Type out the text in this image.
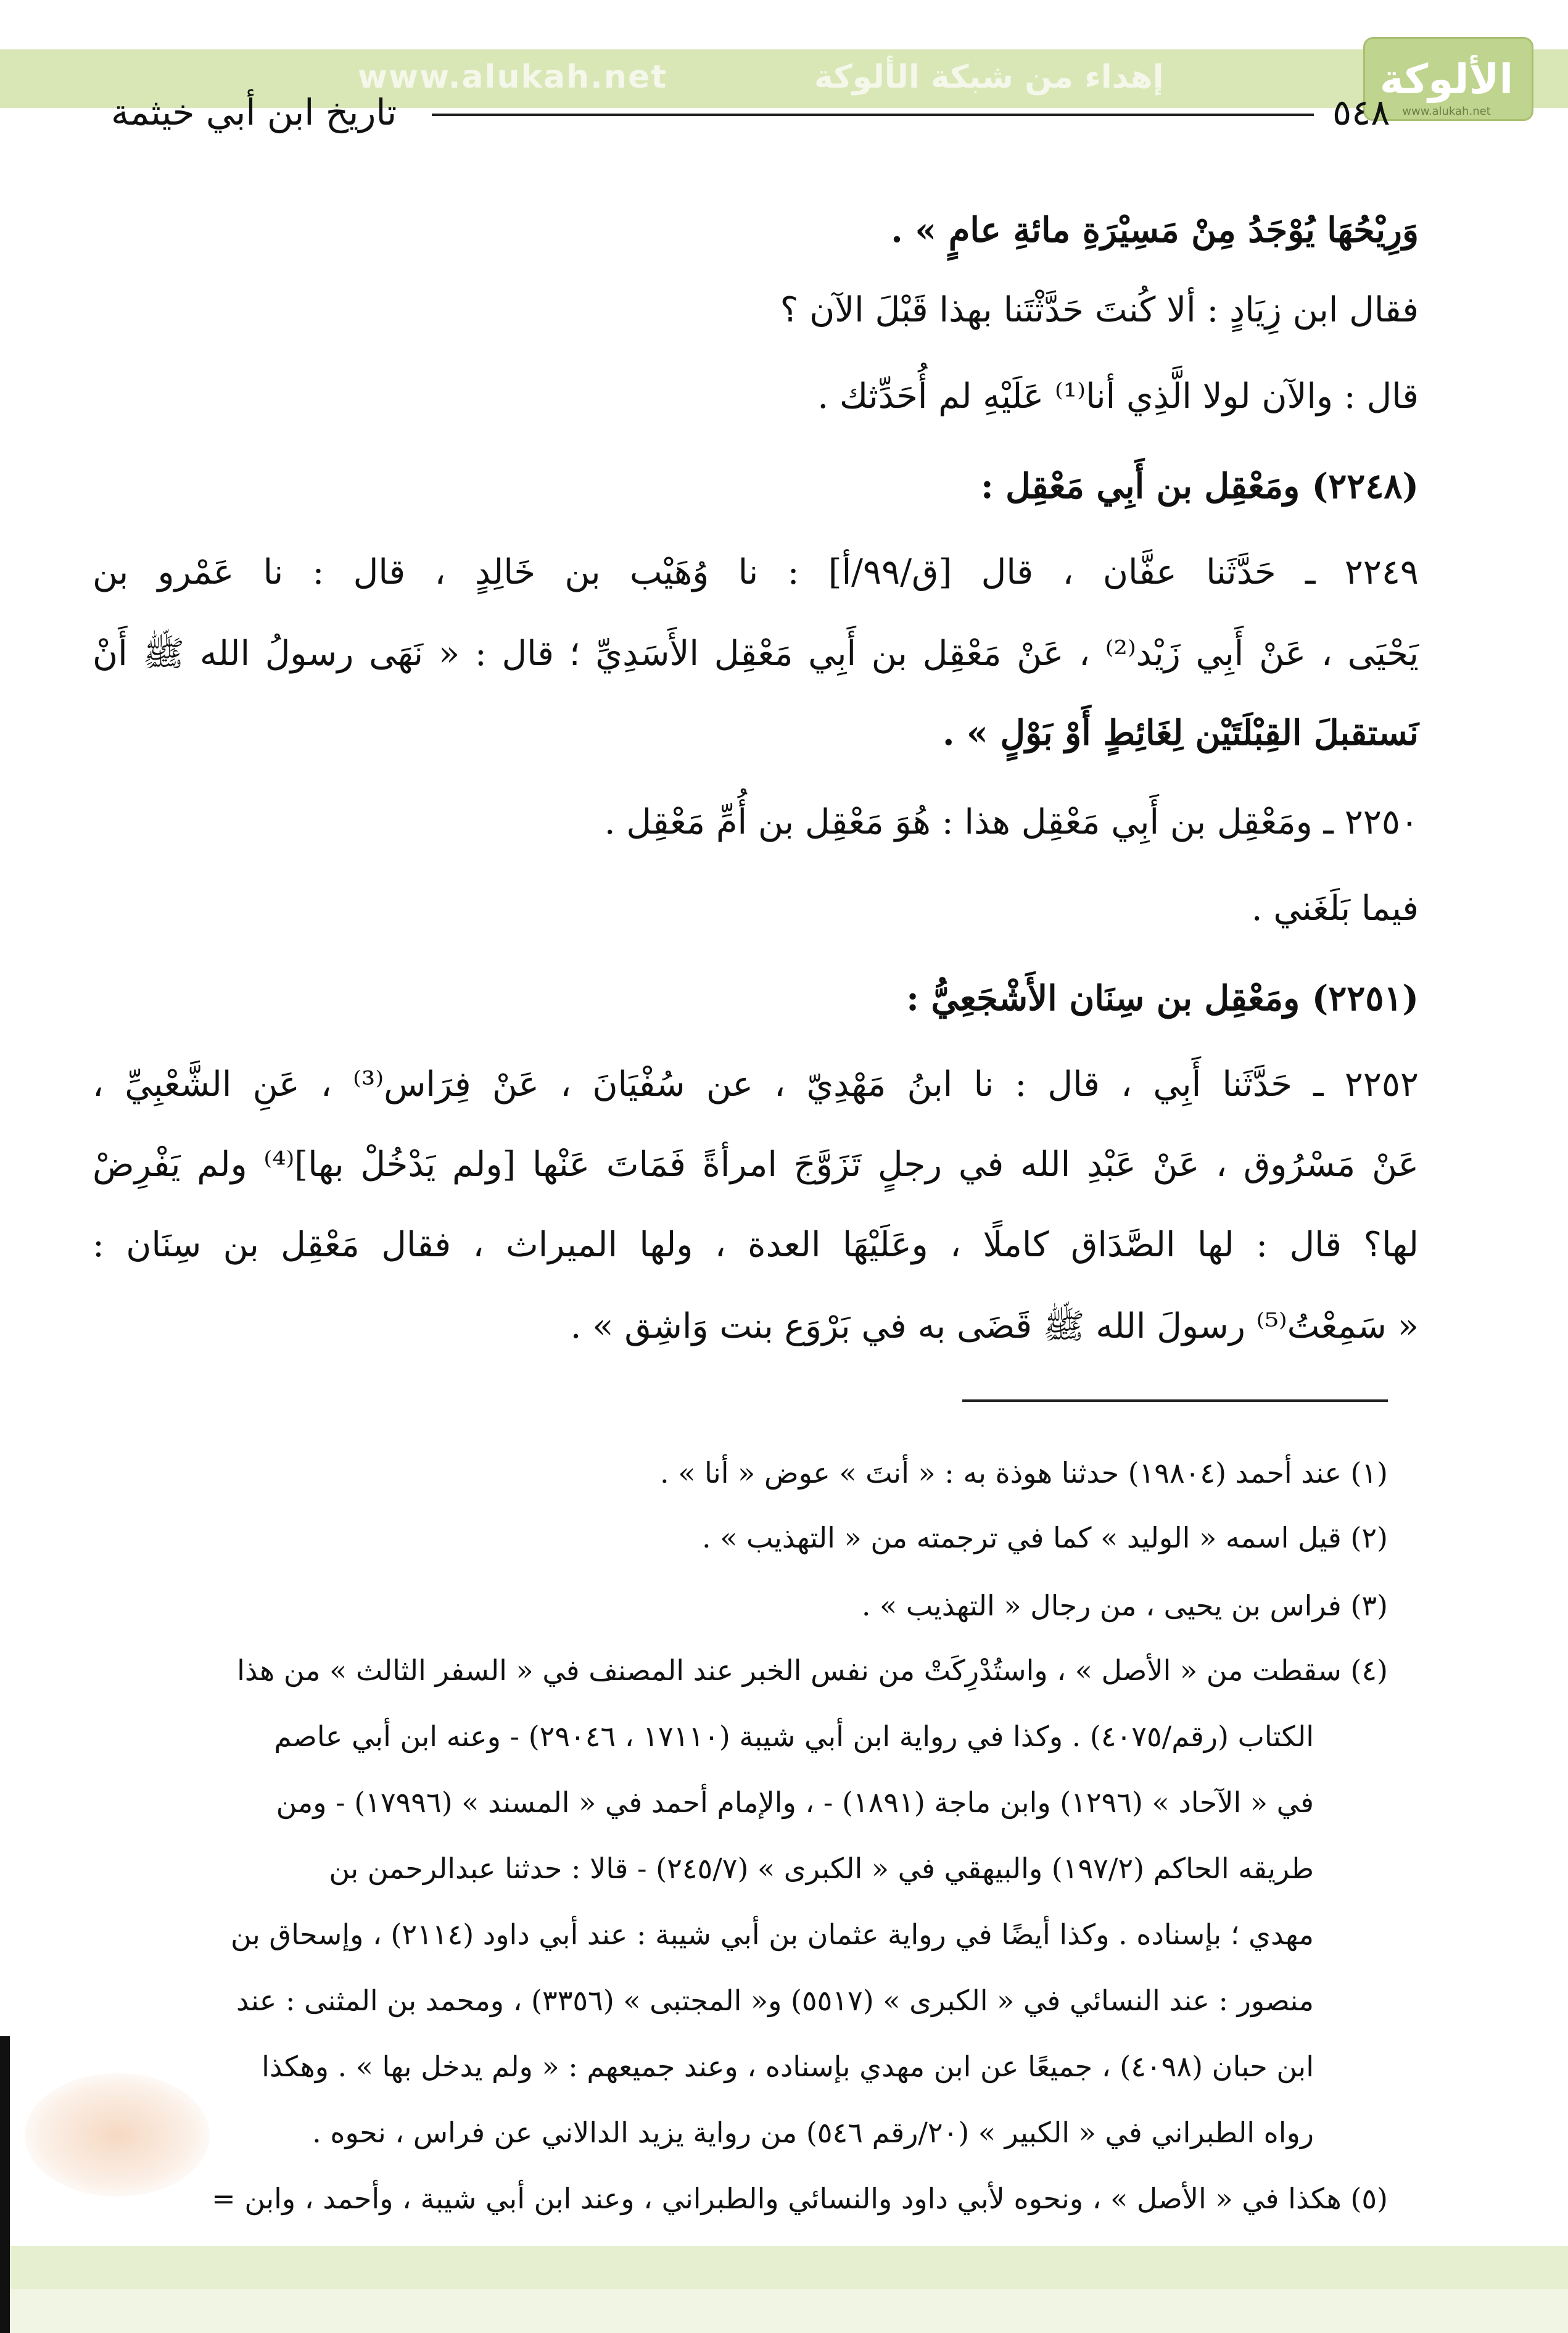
www.alukah.net	إهداء من شبكة الألوكة	الألوكة
www.alukah.net
٥٤٨
تاريخ ابن أبي خيثمة
وَرِيْحُهَا يُوْجَدُ مِنْ مَسِيْرَةِ مائةِ عامٍ » .
فقال ابن زِيَادٍ : ألا كُنتَ حَدَّثْتَنا بهذا قَبْلَ الآن ؟
قال : والآن لولا الَّذِي أنا⁽¹⁾ عَلَيْهِ لم أُحَدِّثك .
(٢٢٤٨) ومَعْقِل بن أَبِي مَعْقِل :
٢٢٤٩ ـ حَدَّثَنا عفَّان ، قال [ق/٩٩/أ] : نا وُهَيْب بن خَالِدٍ ، قال : نا عَمْرو بن
يَحْيَى ، عَنْ أَبِي زَيْد⁽²⁾ ، عَنْ مَعْقِل بن أَبِي مَعْقِل الأَسَدِيِّ ؛ قال : « نَهَى رسولُ الله ﷺ أَنْ
نَستقبلَ القِبْلَتَيْن لِغَائِطٍ أَوْ بَوْلٍ » .
٢٢٥٠ ـ ومَعْقِل بن أَبِي مَعْقِل هذا : هُوَ مَعْقِل بن أُمِّ مَعْقِل .
فيما بَلَغَني .
(٢٢٥١) ومَعْقِل بن سِنَان الأَشْجَعِيُّ :
٢٢٥٢ ـ حَدَّثَنا أَبِي ، قال : نا ابنُ مَهْدِيّ ، عن سُفْيَانَ ، عَنْ فِرَاس⁽³⁾ ، عَنِ الشَّعْبِيِّ ،
عَنْ مَسْرُوق ، عَنْ عَبْدِ الله في رجلٍ تَزَوَّجَ امرأةً فَمَاتَ عَنْها [ولم يَدْخُلْ بها]⁽⁴⁾ ولم يَفْرِضْ
لها؟ قال : لها الصَّدَاق كاملًا ، وعَلَيْهَا العدة ، ولها الميراث ، فقال مَعْقِل بن سِنَان :
« سَمِعْتُ⁽⁵⁾ رسولَ الله ﷺ قَضَى به في بَرْوَع بنت وَاشِق » .
(١) عند أحمد (١٩٨٠٤) حدثنا هوذة به : « أنتَ » عوض « أنا » .
(٢) قيل اسمه « الوليد » كما في ترجمته من « التهذيب » .
(٣) فراس بن يحيى ، من رجال « التهذيب » .
(٤) سقطت من « الأصل » ، واستُدْرِكَتْ من نفس الخبر عند المصنف في « السفر الثالث » من هذا
الكتاب (رقم/٤٠٧٥) . وكذا في رواية ابن أبي شيبة (١٧١١٠ ، ٢٩٠٤٦) - وعنه ابن أبي عاصم
في « الآحاد » (١٢٩٦) وابن ماجة (١٨٩١) - ، والإمام أحمد في « المسند » (١٧٩٩٦) - ومن
طريقه الحاكم (١٩٧/٢) والبيهقي في « الكبرى » (٢٤٥/٧) - قالا : حدثنا عبدالرحمن بن
مهدي ؛ بإسناده . وكذا أيضًا في رواية عثمان بن أبي شيبة : عند أبي داود (٢١١٤) ، وإسحاق بن
منصور : عند النسائي في « الكبرى » (٥٥١٧) و« المجتبى » (٣٣٥٦) ، ومحمد بن المثنى : عند
ابن حبان (٤٠٩٨) ، جميعًا عن ابن مهدي بإسناده ، وعند جميعهم : « ولم يدخل بها » . وهكذا
رواه الطبراني في « الكبير » (٢٠/رقم ٥٤٦) من رواية يزيد الدالاني عن فراس ، نحوه .
(٥) هكذا في « الأصل » ، ونحوه لأبي داود والنسائي والطبراني ، وعند ابن أبي شيبة ، وأحمد ، وابن =
